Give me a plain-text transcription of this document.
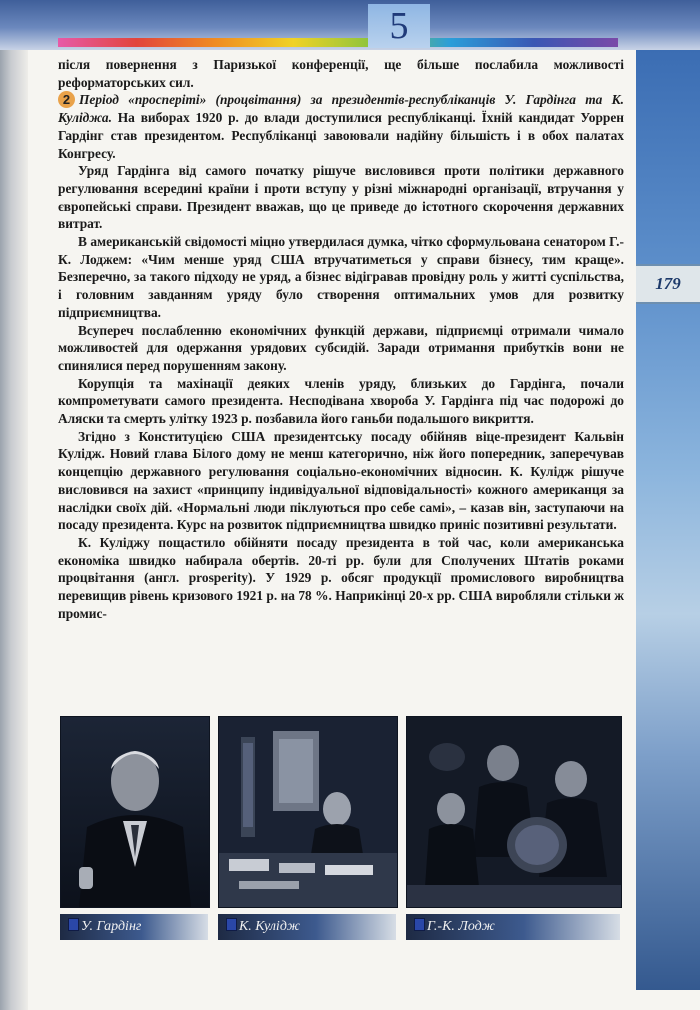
5
179

після повернення з Паризької конференції, ще більше послабила можливості реформаторських сил.

2 Період «просперіті» (процвітання) за президентів-республіканців У. Гардінга та К. Куліджа. На виборах 1920 р. до влади доступилися республіканці. Їхній кандидат Уоррен Гардінг став президентом. Республіканці завоювали надійну більшість і в обох палатах Конгресу.

Уряд Гардінга від самого початку рішуче висловився проти політики державного регулювання всередині країни і проти вступу у різні міжнародні організації, втручання у європейські справи. Президент вважав, що це приведе до істотного скорочення державних витрат.

В американській свідомості міцно утвердилася думка, чітко сформульована сенатором Г.-К. Лоджем: «Чим менше уряд США втручатиметься у справи бізнесу, тим краще». Безперечно, за такого підходу не уряд, а бізнес відігравав провідну роль у житті суспільства, і головним завданням уряду було створення оптимальних умов для розвитку підприємництва.

Всупереч послабленню економічних функцій держави, підприємці отримали чимало можливостей для одержання урядових субсидій. Заради отримання прибутків вони не спинялися перед порушенням закону.

Корупція та махінації деяких членів уряду, близьких до Гардінга, почали компрометувати самого президента. Несподівана хвороба У. Гардінга під час подорожі до Аляски та смерть улітку 1923 р. позбавила його ганьби подальшого викриття.

Згідно з Конституцією США президентську посаду обійняв віце-президент Кальвін Кулідж. Новий глава Білого дому не менш категорично, ніж його попередник, заперечував концепцію державного регулювання соціально-економічних відносин. К. Кулідж рішуче висловився на захист «принципу індивідуальної відповідальності» кожного американця за наслідки своїх дій. «Нормальні люди піклуються про себе самі», – казав він, заступаючи на посаду президента. Курс на розвиток підприємництва швидко приніс позитивні результати.

К. Куліджу пощастило обійняти посаду президента в той час, коли американська економіка швидко набирала обертів. 20-ті рр. були для Сполучених Штатів роками процвітання (англ. prosperity). У 1929 р. обсяг продукції промислового виробництва перевищив рівень кризового 1921 р. на 78 %. Наприкінці 20-х рр. США виробляли стільки ж промис-

У. Гардінг	К. Кулідж	Г.-К. Лодж
